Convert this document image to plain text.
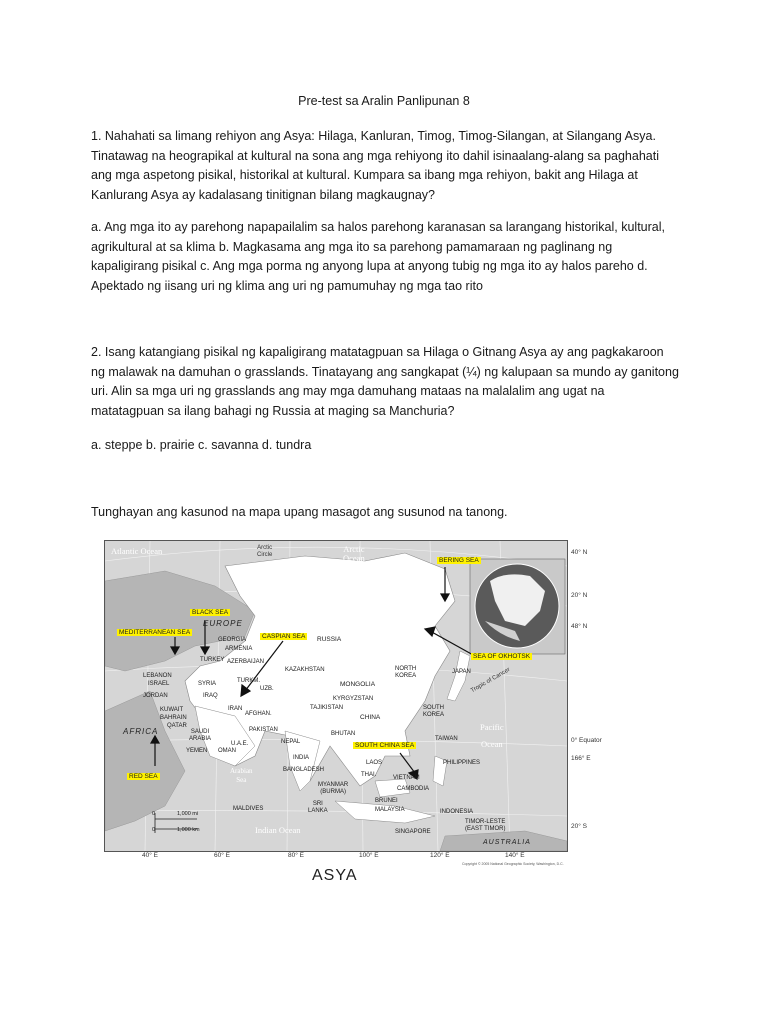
Pre-test sa Aralin Panlipunan 8

1. Nahahati sa limang rehiyon ang Asya: Hilaga, Kanluran, Timog, Timog-Silangan, at Silangang Asya.
Tinatawag na heograpikal at kultural na sona ang mga rehiyong ito dahil isinaalang-alang sa paghahati
ang mga aspetong pisikal, historikal at kultural. Kumpara sa ibang mga rehiyon, bakit ang Hilaga at
Kanlurang Asya ay kadalasang tinitignan bilang magkaugnay?

a. Ang mga ito ay parehong napapailalim sa halos parehong karanasan sa larangang historikal, kultural,
agrikultural at sa klima b. Magkasama ang mga ito sa parehong pamamaraan ng paglinang ng
kapaligirang pisikal c. Ang mga porma ng anyong lupa at anyong tubig ng mga ito ay halos pareho d.
Apektado ng iisang uri ng klima ang uri ng pamumuhay ng mga tao rito

2. Isang katangiang pisikal ng kapaligirang matatagpuan sa Hilaga o Gitnang Asya ay ang pagkakaroon
ng malawak na damuhan o grasslands. Tinatayang ang sangkapat (¼) ng kalupaan sa mundo ay ganitong
uri. Alin sa mga uri ng grasslands ang may mga damuhang mataas na malalalim ang ugat na
matatagpuan sa ilang bahagi ng Russia at maging sa Manchuria?

a. steppe b. prairie c. savanna d. tundra

Tunghayan ang kasunod na mapa upang masagot ang susunod na tanong.

BERING SEA
BLACK SEA
MEDITERRANEAN SEA
CASPIAN SEA
SEA OF OKHOTSK
SOUTH CHINA SEA
RED SEA
Atlantic Ocean	Arctic
Circle
Arctic
Ocean
Pacific
Ocean
Indian Ocean
Arabian
Sea
Tropic of Cancer
EUROPE
AFRICA
AUSTRALIA
GEORGIA
ARMENIA
AZERBAIJAN
RUSSIA
TURKEY
KAZAKHSTAN
LEBANON
ISRAEL	SYRIA
JORDAN	IRAQ
TURKM.
UZB.
MONGOLIA
NORTH
KOREA
JAPAN
KYRGYZSTAN
TAJIKISTAN
KUWAIT
BAHRAIN
QATAR
IRAN
AFGHAN.	CHINA
SOUTH
KOREA
SAUDI
ARABIA
PAKISTAN
BHUTAN
U.A.E.
YEMEN OMAN
NEPAL	TAIWAN
INDIA
LAOS
BANGLADESH
PHILIPPINES
THAI.	VIETNAM
MYANMAR
(BURMA)	CAMBODIA
MALDIVES
BRUNEI
MALAYSIA
SRI
LANKA	INDONESIA
TIMOR-LESTE
(EAST TIMOR)
SINGAPORE
0	1,000 mi
0	1,000 km
40° N
20° N
48° N
0° Equator
166° E
20° S
40° E	60° E	80° E	100° E	120° E	140° E
Copyright © 2005 National Geographic Society, Washington, D.C.
ASYA
